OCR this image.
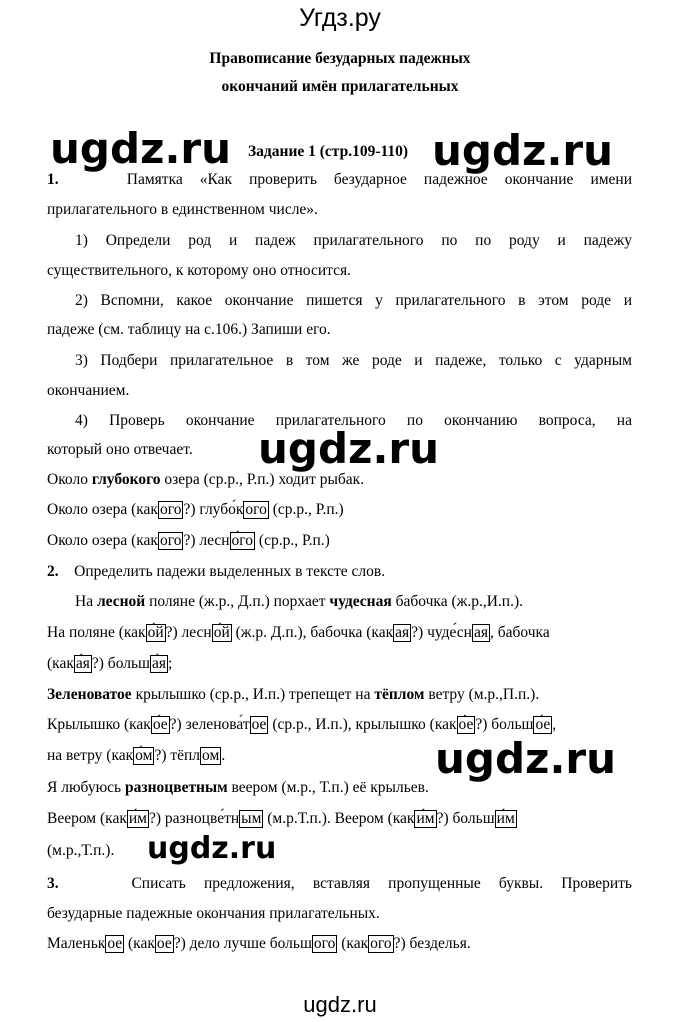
Угдз.ру
Правописание безударных падежных
окончаний имён прилагательных
ugdz.ru	ugdz.ru
Задание 1 (стр.109-110)
1.	Памятка «Как проверить безударное падежное окончание имени
прилагательного в единственном числе».
1) Определи род и падеж прилагательного по по роду и падежу
существительного, к которому оно относится.
2) Вспомни, какое окончание пишется у прилагательного в этом роде и
падеже (см. таблицу на с.106.) Запиши его.
3) Подбери прилагательное в том же роде и падеже, только с ударным
окончанием.
4) Проверь окончание прилагательного по окончанию вопроса, на
который оно отвечает. ugdz.ru
Около глубокого озера (ср.р., Р.п.) ходит рыбак.
Около озера (как ого ?) глубо́к ого (ср.р., Р.п.)
Около озера (как ого ?) лесн о́го (ср.р., Р.п.)
2. Определить падежи выделенных в тексте слов.
На лесной поляне (ж.р., Д.п.) порхает чудесная бабочка (ж.р.,И.п.).
На поляне (как о́й ?) лесн о́й (ж.р. Д.п.), бабочка (как ая ?) чуде́сн ая , бабочка
(как а́я ?) больш а́я ;
Зеленоватое крылышко (ср.р., И.п.) трепещет на тёплом ветру (м.р.,П.п.).
Крылышко (как о́е ?) зеленова́т ое (ср.р., И.п.), крылышко (как о́е ?) больш о́е ,
на ветру (как о́м ?) тёпл ом .	ugdz.ru
Я любуюсь разноцветным веером (м.р., Т.п.) её крыльев.
Веером (как и́м ?) разноцве́тн ым (м.р.Т.п.). Веером (как и́м ?) больш и́м
(м.р.,Т.п.). ugdz.ru
3.	Списать предложения, вставляя пропущенные буквы. Проверить
безударные падежные окончания прилагательных.
Маленьк ое (как ое ?) дело лучше больш ого (как ого ?) безделья.
ugdz.ru
